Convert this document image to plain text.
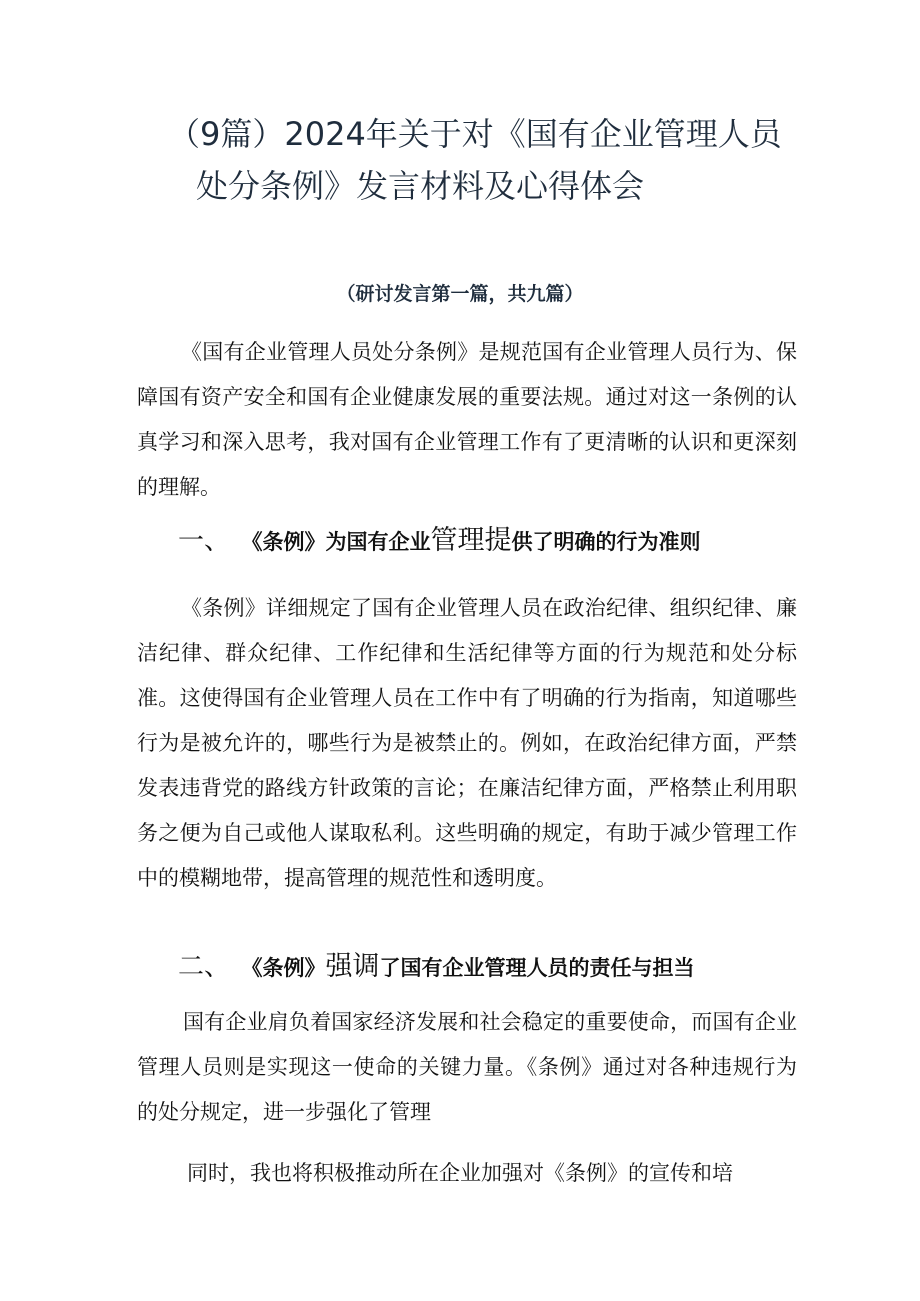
（9篇）2024年关于对《国有企业管理人员
处分条例》发言材料及心得体会
（研讨发言第一篇，共九篇）

《国有企业管理人员处分条例》是规范国有企业管理人员行为、保障国有资产安全和国有企业健康发展的重要法规。通过对这一条例的认真学习和深入思考，我对国有企业管理工作有了更清晰的认识和更深刻的理解。

一、 《条例》为国有企业管理提供了明确的行为准则

《条例》详细规定了国有企业管理人员在政治纪律、组织纪律、廉洁纪律、群众纪律、工作纪律和生活纪律等方面的行为规范和处分标准。这使得国有企业管理人员在工作中有了明确的行为指南，知道哪些行为是被允许的，哪些行为是被禁止的。例如，在政治纪律方面，严禁发表违背党的路线方针政策的言论；在廉洁纪律方面，严格禁止利用职务之便为自己或他人谋取私利。这些明确的规定，有助于减少管理工作中的模糊地带，提高管理的规范性和透明度。

二、 《条例》强调了国有企业管理人员的责任与担当

国有企业肩负着国家经济发展和社会稳定的重要使命，而国有企业管理人员则是实现这一使命的关键力量。《条例》通过对各种违规行为的处分规定，进一步强化了管理

同时，我也将积极推动所在企业加强对《条例》的宣传和培
